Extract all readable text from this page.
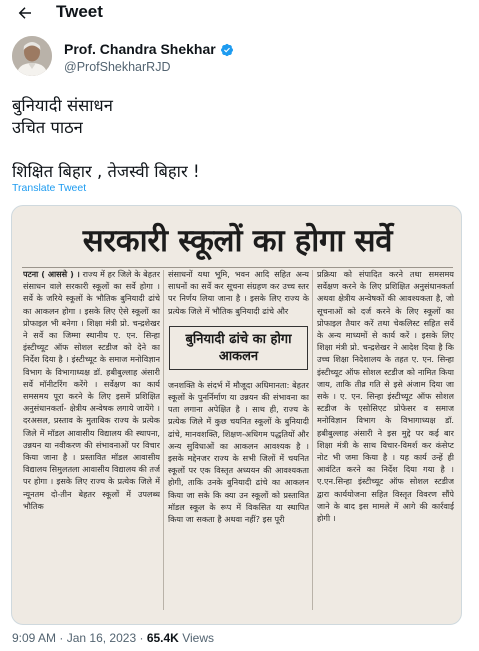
Tweet
Prof. Chandra Shekhar
@ProfShekharRJD
बुनियादी संसाधन
उचित पाठन
शिक्षित बिहार , तेजस्वी बिहार !
Translate Tweet
सरकारी स्कूलों का होगा सर्वे
पटना ( आससे ) । राज्य में हर जिले के बेहतर संसाधन वाले सरकारी स्कूलों का सर्वे होगा । सर्वे के जरिये स्कूलों के भौतिक बुनियादी ढांचे का आकलन होगा । इसके लिए ऐसे स्कूलों का प्रोफाइल भी बनेगा । शिक्षा मंत्री प्रो. चन्द्रशेखर ने सर्वे का जिम्मा स्थानीय ए. एन. सिन्हा इंस्टीच्यूट ऑफ सोशल स्टडीज को देने का निर्देश दिया है । इंस्टीच्यूट के समाज मनोविज्ञान विभाग के विभागाध्यक्ष डॉ. हबीबुल्लाह अंसारी सर्वे मॉनीटरिंग करेंगे । सर्वेक्षण का कार्य समसमय पूरा करने के लिए इसमें प्रशिक्षित अनुसंधानकर्ता- क्षेत्रीय अन्वेषक लगाये जायेंगे । दरअसल, प्रस्ताव के मुताबिक राज्य के प्रत्येक जिले में मॉडल आवासीय विद्यालय की स्थापना, उन्नयन या नवीकरण की संभावनाओं पर विचार किया जाना है । प्रस्तावित मॉडल आवासीय विद्यालय सिमुलतला आवासीय विद्यालय की तर्ज पर होगा । इसके लिए राज्य के प्रत्येक जिले में न्यूनतम दो-तीन बेहतर स्कूलों में उपलब्ध भौतिक
संसाधनों यथा भूमि, भवन आदि सहित अन्य साधनों का सर्वे कर सूचना संग्रहण कर उच्च स्तर पर निर्णय लिया जाना है । इसके लिए राज्य के प्रत्येक जिले में भौतिक बुनियादी ढांचे और
बुनियादी ढांचे का होगा आकलन
जनशक्ति के संदर्भ में मौजूदा अधिमानता: बेहतर स्कूलों के पुनर्निर्माण या उन्नयन की संभावना का पता लगाना अपेक्षित है । साथ ही, राज्य के प्रत्येक जिले में कुछ चयनित स्कूलों के बुनियादी ढांचे, मानवशक्ति, शिक्षण-अधिगम पद्धतियों और अन्य सुविधाओं का आकलन आवश्यक है । इसके मद्देनजर राज्य के सभी जिलों में चयनित स्कूलों पर एक विस्तृत अध्ययन की आवश्यकता होगी, ताकि उनके बुनियादी ढांचे का आकलन किया जा सके कि क्या उन स्कूलों को प्रस्तावित मॉडल स्कूल के रूप में विकसित या स्थापित किया जा सकता है अथवा नहीं? इस पूरी
प्रक्रिया को संपादित करने तथा समसमय सर्वेक्षण करने के लिए प्रशिक्षित अनुसंधानकर्ता अथवा क्षेत्रीय अन्वेषकों की आवश्यकता है, जो सूचनाओं को दर्ज करने के लिए स्कूलों का प्रोफाइल तैयार करें तथा चेकलिस्ट सहित सर्वे के अन्य माध्यमों से कार्य करें । इसके लिए शिक्षा मंत्री प्रो. चन्द्रशेखर ने आदेश दिया है कि उच्च शिक्षा निदेशालय के तहत ए. एन. सिन्हा इंस्टीच्यूट ऑफ सोशल स्टडीज को नामित किया जाय, ताकि तीव्र गति से इसे अंजाम दिया जा सके । ए. एन. सिन्हा इंस्टीच्यूट ऑफ सोशल स्टडीज के एसोसिएट प्रोफेसर व समाज मनोविज्ञान विभाग के विभागाध्यक्ष डॉ. हबीबुल्लाह अंसारी ने इस मुद्दे पर कई बार शिक्षा मंत्री के साथ विचार-विमर्श कर कंसेप्ट नोट भी जमा किया है । यह कार्य उन्हें ही आवंटित करने का निर्देश दिया गया है । ए.एन.सिन्हा इंस्टीच्यूट ऑफ सोशल स्टडीज द्वारा कार्ययोजना सहित विस्तृत विवरण सौंपे जाने के बाद इस मामले में आगे की कार्रवाई होगी ।
9:09 AM · Jan 16, 2023 · 65.4K Views
